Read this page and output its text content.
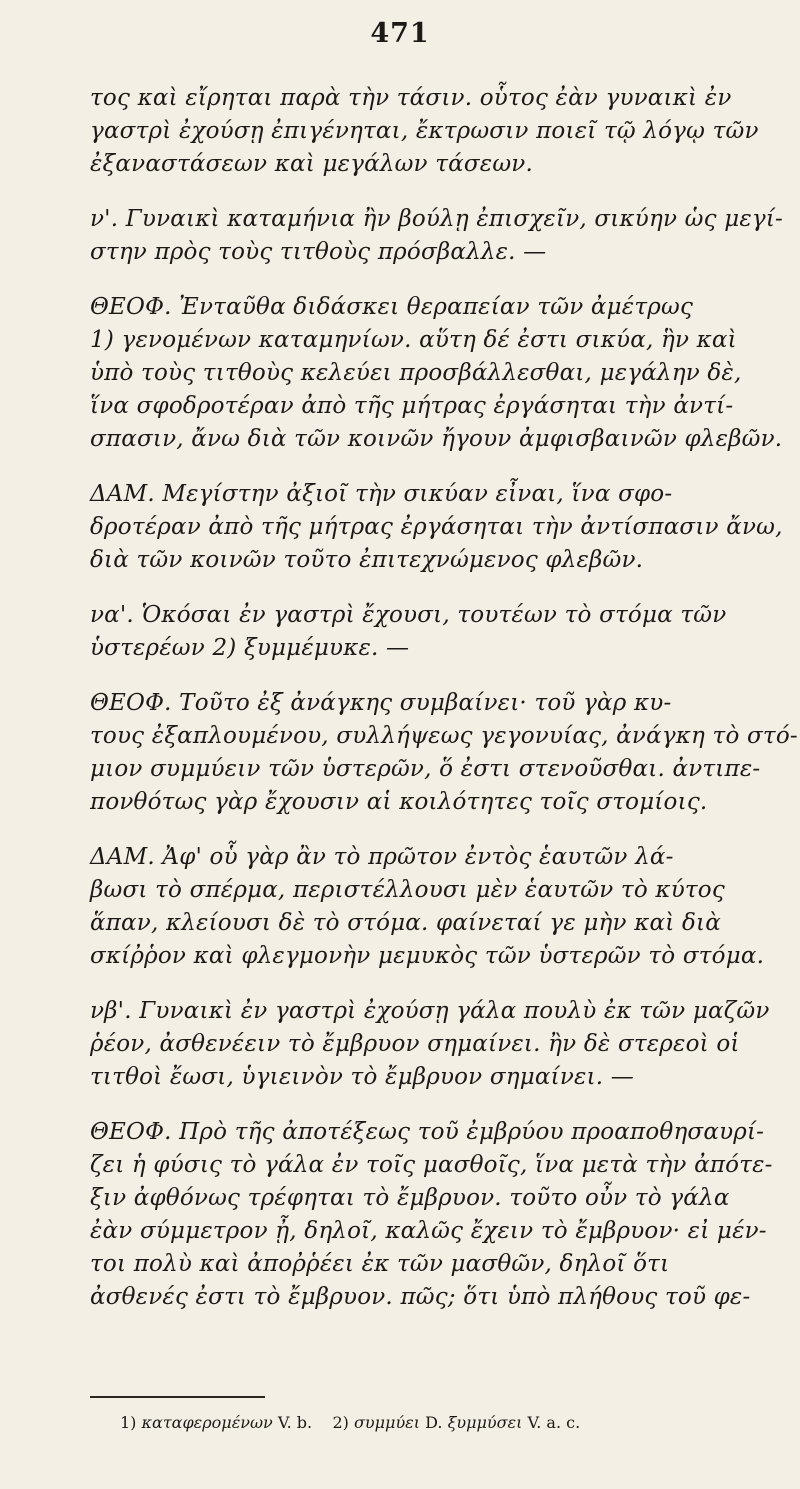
471
τος καὶ εἴρηται παρὰ τὴν τάσιν. οὗτος ἐὰν γυναικὶ ἐν
γαστρὶ ἐχούσῃ ἐπιγένηται, ἔκτρωσιν ποιεῖ τῷ λόγῳ τῶν
ἐξαναστάσεων καὶ μεγάλων τάσεων.
ν'. Γυναικὶ καταμήνια ἢν βούλῃ ἐπισχεῖν, σικύην ὡς μεγί-
στην πρὸς τοὺς τιτθοὺς πρόσβαλλε. —
ΘΕΟΦ. Ἐνταῦθα διδάσκει θεραπείαν τῶν ἀμέτρως
1) γενομένων καταμηνίων. αὕτη δέ ἐστι σικύα, ἣν καὶ
ὑπὸ τοὺς τιτθοὺς κελεύει προσβάλλεσθαι, μεγάλην δὲ,
ἵνα σφοδροτέραν ἀπὸ τῆς μήτρας ἐργάσηται τὴν ἀντί-
σπασιν, ἄνω διὰ τῶν κοινῶν ἤγουν ἀμφισβαινῶν φλεβῶν.
ΔΑΜ. Μεγίστην ἀξιοῖ τὴν σικύαν εἶναι, ἵνα σφο-
δροτέραν ἀπὸ τῆς μήτρας ἐργάσηται τὴν ἀντίσπασιν ἄνω,
διὰ τῶν κοινῶν τοῦτο ἐπιτεχνώμενος φλεβῶν.
να'. Ὁκόσαι ἐν γαστρὶ ἔχουσι, τουτέων τὸ στόμα τῶν
ὑστερέων 2) ξυμμέμυκε. —
ΘΕΟΦ. Τοῦτο ἐξ ἀνάγκης συμβαίνει· τοῦ γὰρ κυ-
τους ἐξαπλουμένου, συλλήψεως γεγονυίας, ἀνάγκη τὸ στό-
μιον συμμύειν τῶν ὑστερῶν, ὅ ἐστι στενοῦσθαι. ἀντιπε-
πονθότως γὰρ ἔχουσιν αἱ κοιλότητες τοῖς στομίοις.
ΔΑΜ. Ἀφ' οὗ γὰρ ἂν τὸ πρῶτον ἐντὸς ἑαυτῶν λά-
βωσι τὸ σπέρμα, περιστέλλουσι μὲν ἑαυτῶν τὸ κύτος
ἅπαν, κλείουσι δὲ τὸ στόμα. φαίνεταί γε μὴν καὶ διὰ
σκίῤῥον καὶ φλεγμονὴν μεμυκὸς τῶν ὑστερῶν τὸ στόμα.
νβ'. Γυναικὶ ἐν γαστρὶ ἐχούσῃ γάλα πουλὺ ἐκ τῶν μαζῶν
ῥέον, ἀσθενέειν τὸ ἔμβρυον σημαίνει. ἢν δὲ στερεοὶ οἱ
τιτθοὶ ἔωσι, ὑγιεινὸν τὸ ἔμβρυον σημαίνει. —
ΘΕΟΦ. Πρὸ τῆς ἀποτέξεως τοῦ ἐμβρύου προαποθησαυρί-
ζει ἡ φύσις τὸ γάλα ἐν τοῖς μασθοῖς, ἵνα μετὰ τὴν ἀπότε-
ξιν ἀφθόνως τρέφηται τὸ ἔμβρυον. τοῦτο οὖν τὸ γάλα
ἐὰν σύμμετρον ᾖ, δηλοῖ, καλῶς ἔχειν τὸ ἔμβρυον· εἰ μέν-
τοι πολὺ καὶ ἀποῤῥέει ἐκ τῶν μασθῶν, δηλοῖ ὅτι
ἀσθενές ἐστι τὸ ἔμβρυον. πῶς; ὅτι ὑπὸ πλήθους τοῦ φε-
1) καταφερομένων V. b. 2) συμμύει D. ξυμμύσει V. a. c.
